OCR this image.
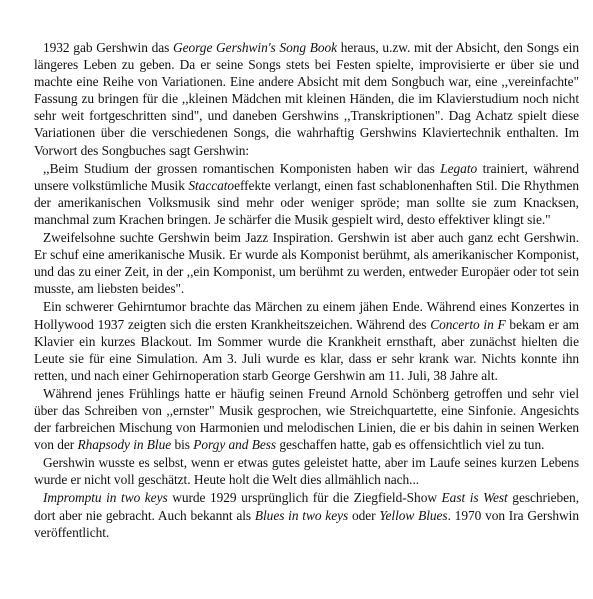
1932 gab Gershwin das George Gershwin's Song Book heraus, u.zw. mit der Absicht, den Songs ein längeres Leben zu geben. Da er seine Songs stets bei Festen spielte, improvisierte er über sie und machte eine Reihe von Variationen. Eine andere Absicht mit dem Songbuch war, eine ,,vereinfachte" Fassung zu bringen für die ,,kleinen Mädchen mit kleinen Händen, die im Klavierstudium noch nicht sehr weit fortgeschritten sind", und daneben Gershwins ,,Transkriptionen". Dag Achatz spielt diese Variationen über die verschiedenen Songs, die wahrhaftig Gershwins Klaviertechnik enthalten. Im Vorwort des Songbuches sagt Gershwin:

,,Beim Studium der grossen romantischen Komponisten haben wir das Legato trainiert, während unsere volkstümliche Musik Staccatoeffekte verlangt, einen fast schablonenhaften Stil. Die Rhythmen der amerikanischen Volksmusik sind mehr oder weniger spröde; man sollte sie zum Knacksen, manchmal zum Krachen bringen. Je schärfer die Musik gespielt wird, desto effektiver klingt sie."

Zweifelsohne suchte Gershwin beim Jazz Inspiration. Gershwin ist aber auch ganz echt Gershwin. Er schuf eine amerikanische Musik. Er wurde als Komponist berühmt, als amerikanischer Komponist, und das zu einer Zeit, in der ,,ein Komponist, um berühmt zu werden, entweder Europäer oder tot sein musste, am liebsten beides".

Ein schwerer Gehirntumor brachte das Märchen zu einem jähen Ende. Während eines Konzertes in Hollywood 1937 zeigten sich die ersten Krankheitszeichen. Während des Concerto in F bekam er am Klavier ein kurzes Blackout. Im Sommer wurde die Krankheit ernsthaft, aber zunächst hielten die Leute sie für eine Simulation. Am 3. Juli wurde es klar, dass er sehr krank war. Nichts konnte ihn retten, und nach einer Gehirnoperation starb George Gershwin am 11. Juli, 38 Jahre alt.

Während jenes Frühlings hatte er häufig seinen Freund Arnold Schönberg getroffen und sehr viel über das Schreiben von ,,ernster" Musik gesprochen, wie Streichquartette, eine Sinfonie. Angesichts der farbreichen Mischung von Harmonien und melodischen Linien, die er bis dahin in seinen Werken von der Rhapsody in Blue bis Porgy and Bess geschaffen hatte, gab es offensichtlich viel zu tun.

Gershwin wusste es selbst, wenn er etwas gutes geleistet hatte, aber im Laufe seines kurzen Lebens wurde er nicht voll geschätzt. Heute holt die Welt dies allmählich nach...

Impromptu in two keys wurde 1929 ursprünglich für die Ziegfield-Show East is West geschrieben, dort aber nie gebracht. Auch bekannt als Blues in two keys oder Yellow Blues. 1970 von Ira Gershwin veröffentlicht.
